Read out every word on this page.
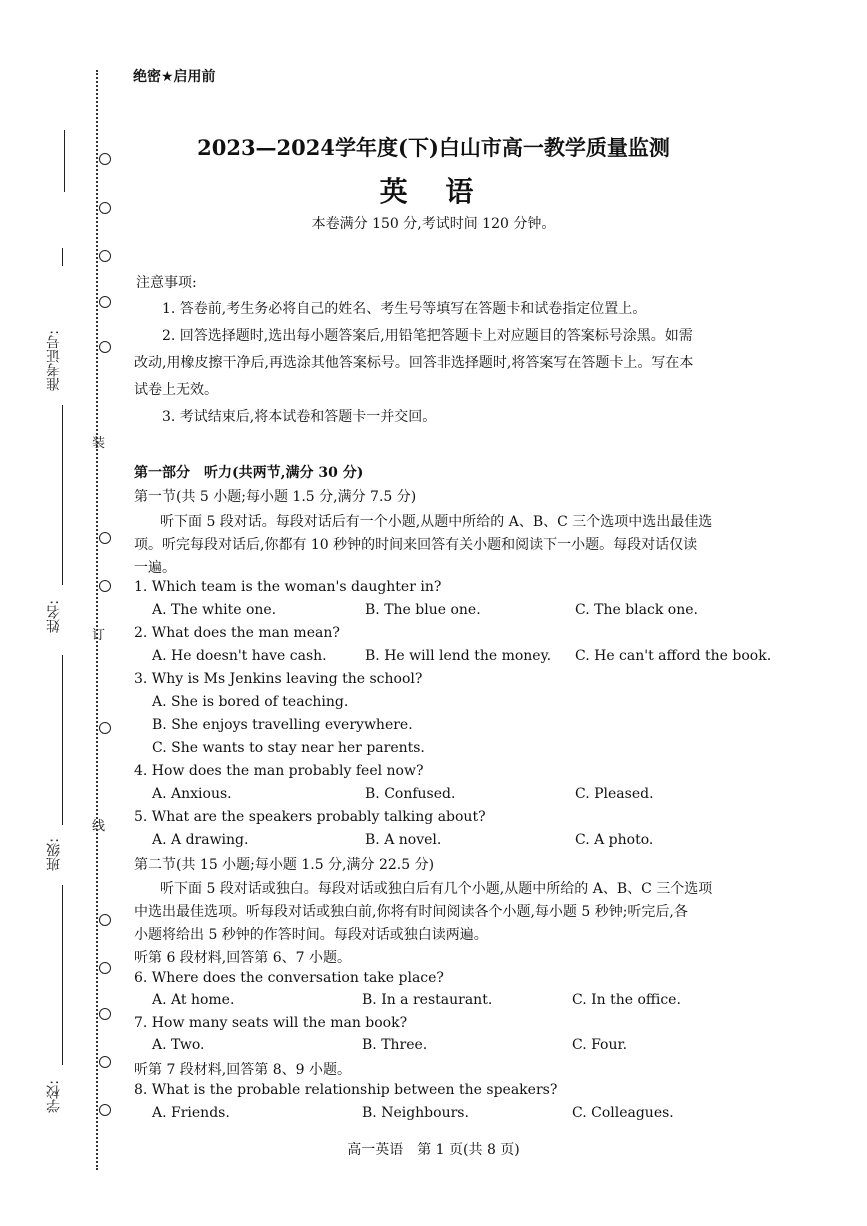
装
订
线
准考证号:
姓名:
班级:
学校:
绝密★启用前
2023—2024学年度(下)白山市高一教学质量监测
英 语
本卷满分 150 分,考试时间 120 分钟。
注意事项:
1. 答卷前,考生务必将自己的姓名、考生号等填写在答题卡和试卷指定位置上。
2. 回答选择题时,选出每小题答案后,用铅笔把答题卡上对应题目的答案标号涂黑。如需
改动,用橡皮擦干净后,再选涂其他答案标号。回答非选择题时,将答案写在答题卡上。写在本
试卷上无效。
3. 考试结束后,将本试卷和答题卡一并交回。
第一部分　听力(共两节,满分 30 分)
第一节(共 5 小题;每小题 1.5 分,满分 7.5 分)
听下面 5 段对话。每段对话后有一个小题,从题中所给的 A、B、C 三个选项中选出最佳选
项。听完每段对话后,你都有 10 秒钟的时间来回答有关小题和阅读下一小题。每段对话仅读
一遍。
1. Which team is the woman's daughter in?
A. The white one.	B. The blue one.	C. The black one.
2. What does the man mean?
A. He doesn't have cash.	B. He will lend the money. C. He can't afford the book.
3. Why is Ms Jenkins leaving the school?
A. She is bored of teaching.
B. She enjoys travelling everywhere.
C. She wants to stay near her parents.
4. How does the man probably feel now?
A. Anxious.	B. Confused.	C. Pleased.
5. What are the speakers probably talking about?
A. A drawing.	B. A novel.	C. A photo.
第二节(共 15 小题;每小题 1.5 分,满分 22.5 分)
听下面 5 段对话或独白。每段对话或独白后有几个小题,从题中所给的 A、B、C 三个选项
中选出最佳选项。听每段对话或独白前,你将有时间阅读各个小题,每小题 5 秒钟;听完后,各
小题将给出 5 秒钟的作答时间。每段对话或独白读两遍。
听第 6 段材料,回答第 6、7 小题。
6. Where does the conversation take place?
A. At home.	B. In a restaurant.	C. In the office.
7. How many seats will the man book?
A. Two.	B. Three.	C. Four.
听第 7 段材料,回答第 8、9 小题。
8. What is the probable relationship between the speakers?
A. Friends.	B. Neighbours.	C. Colleagues.
高一英语　第 1 页(共 8 页)
